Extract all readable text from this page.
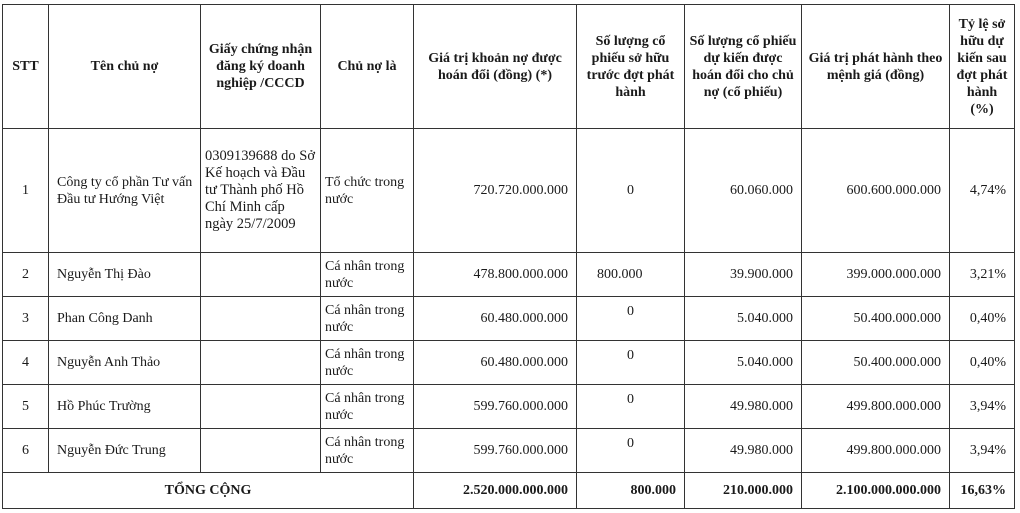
STT	Tên chủ nợ	Giấy chứng nhận đăng ký doanh nghiệp /CCCD	Chủ nợ là	Giá trị khoản nợ được hoán đổi (đồng) (*)	Số lượng cổ phiếu sở hữu trước đợt phát hành	Số lượng cổ phiếu dự kiến được hoán đổi cho chủ nợ (cổ phiếu)	Giá trị phát hành theo mệnh giá (đồng)	Tỷ lệ sở hữu dự kiến sau đợt phát hành (%)
1	Công ty cổ phần Tư vấn Đầu tư Hướng Việt	0309139688 do Sở Kế hoạch và Đầu tư Thành phố Hồ Chí Minh cấp ngày 25/7/2009	Tổ chức trong nước	720.720.000.000	0	60.060.000	600.600.000.000	4,74%
2	Nguyễn Thị Đào		Cá nhân trong nước	478.800.000.000	800.000	39.900.000	399.000.000.000	3,21%
3	Phan Công Danh		Cá nhân trong nước	60.480.000.000	0	5.040.000	50.400.000.000	0,40%
4	Nguyễn Anh Thảo		Cá nhân trong nước	60.480.000.000	0	5.040.000	50.400.000.000	0,40%
5	Hồ Phúc Trường		Cá nhân trong nước	599.760.000.000	0	49.980.000	499.800.000.000	3,94%
6	Nguyễn Đức Trung		Cá nhân trong nước	599.760.000.000	0	49.980.000	499.800.000.000	3,94%
TỔNG CỘNG				2.520.000.000.000	800.000	210.000.000	2.100.000.000.000	16,63%
